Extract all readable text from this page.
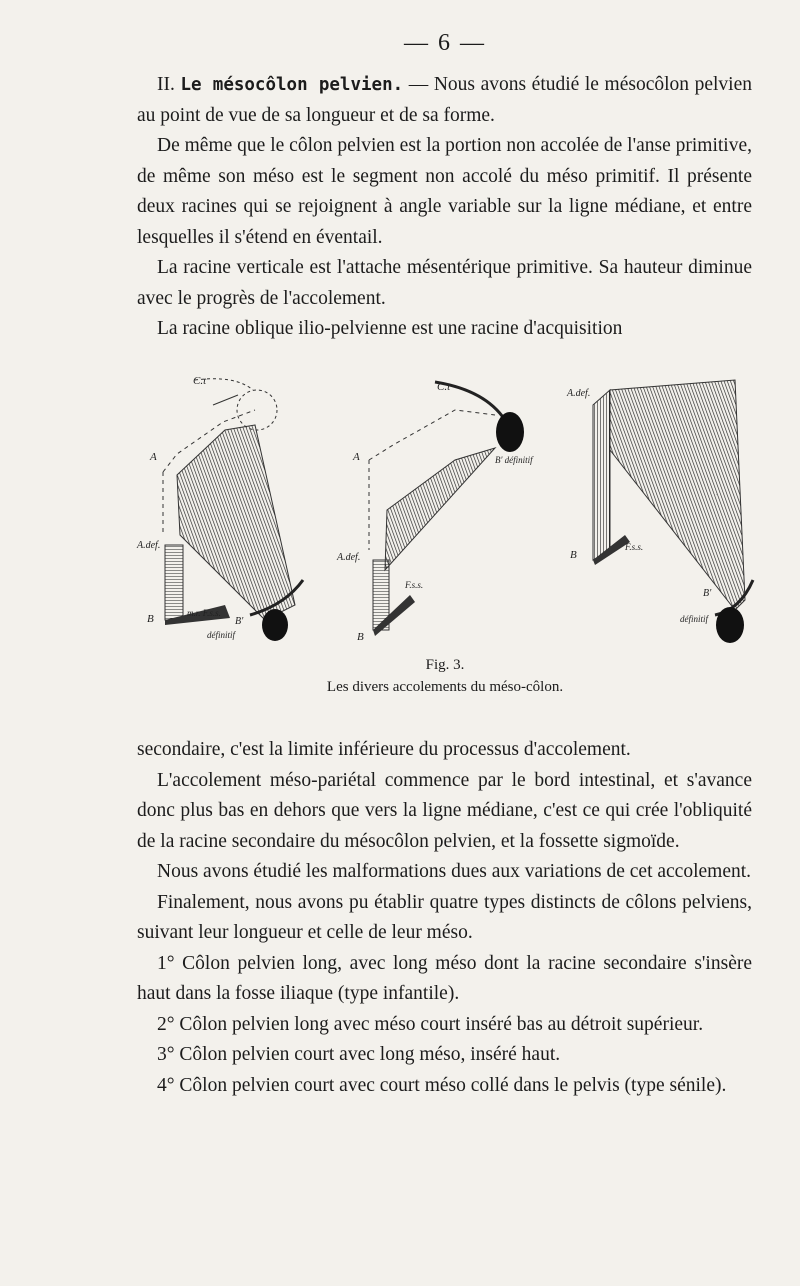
— 6 —

II. Le mésocôlon pelvien. — Nous avons étudié le mésocôlon pelvien au point de vue de sa longueur et de sa forme.

De même que le côlon pelvien est la portion non accolée de l'anse primitive, de même son méso est le segment non accolé du méso primitif. Il présente deux racines qui se rejoignent à angle variable sur la ligne médiane, et entre lesquelles il s'étend en éventail.

La racine verticale est l'attache mésentérique primitive. Sa hauteur diminue avec le progrès de l'accolement.

La racine oblique ilio-pelvienne est une racine d'acquisition

C.t
A
A.def.
B	m.r. F.s.s.
B'
définitif
C.t
A
A.def.
F.s.s.
B
B' définitif
A.def.
B
F.s.s.
B'
définitif
Fig. 3.
Les divers accolements du méso-côlon.

secondaire, c'est la limite inférieure du processus d'accolement.

L'accolement méso-pariétal commence par le bord intestinal, et s'avance donc plus bas en dehors que vers la ligne médiane, c'est ce qui crée l'obliquité de la racine secondaire du mésocôlon pelvien, et la fossette sigmoïde.

Nous avons étudié les malformations dues aux variations de cet accolement.

Finalement, nous avons pu établir quatre types distincts de côlons pelviens, suivant leur longueur et celle de leur méso.

1° Côlon pelvien long, avec long méso dont la racine secondaire s'insère haut dans la fosse iliaque (type infantile).

2° Côlon pelvien long avec méso court inséré bas au détroit supérieur.

3° Côlon pelvien court avec long méso, inséré haut.

4° Côlon pelvien court avec court méso collé dans le pelvis (type sénile).
